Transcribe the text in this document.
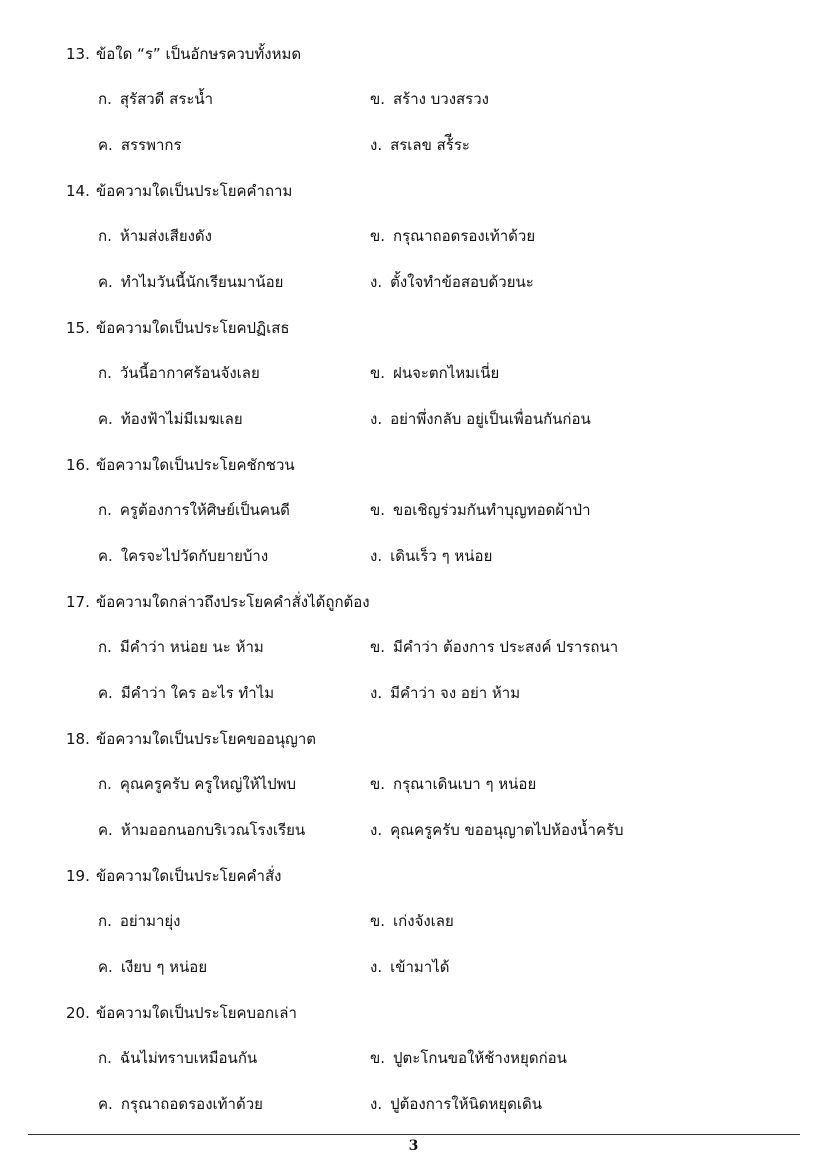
13. ข้อใด “ร” เป็นอักษรควบทั้งหมด
ก. สุรัสวดี สระน้ำ	ข. สร้าง บวงสรวง
ค. สรรพากร	ง. สรเลข สร้ีระ
14. ข้อความใดเป็นประโยคคำถาม
ก. ห้ามส่งเสียงดัง	ข. กรุณาถอดรองเท้าด้วย
ค. ทำไมวันนี้นักเรียนมาน้อย	ง. ตั้งใจทำข้อสอบด้วยนะ
15. ข้อความใดเป็นประโยคปฏิเสธ
ก. วันนี้อากาศร้อนจังเลย	ข. ฝนจะตกไหมเนี่ย
ค. ท้องฟ้าไม่มีเมฆเลย	ง. อย่าพึ่งกลับ อยู่เป็นเพื่อนกันก่อน
16. ข้อความใดเป็นประโยคชักชวน
ก. ครูต้องการให้ศิษย์เป็นคนดี	ข. ขอเชิญร่วมกันทำบุญทอดผ้าป่า
ค. ใครจะไปวัดกับยายบ้าง	ง. เดินเร็ว ๆ หน่อย
17. ข้อความใดกล่าวถึงประโยคคำสั่งได้ถูกต้อง
ก. มีคำว่า หน่อย นะ ห้าม	ข. มีคำว่า ต้องการ ประสงค์ ปรารถนา
ค. มีคำว่า ใคร อะไร ทำไม	ง. มีคำว่า จง อย่า ห้าม
18. ข้อความใดเป็นประโยคขออนุญาต
ก. คุณครูครับ ครูใหญ่ให้ไปพบ	ข. กรุณาเดินเบา ๆ หน่อย
ค. ห้ามออกนอกบริเวณโรงเรียน	ง. คุณครูครับ ขออนุญาตไปห้องน้ำครับ
19. ข้อความใดเป็นประโยคคำสั่ง
ก. อย่ามายุ่ง	ข. เก่งจังเลย
ค. เงียบ ๆ หน่อย	ง. เข้ามาได้
20. ข้อความใดเป็นประโยคบอกเล่า
ก. ฉันไม่ทราบเหมือนกัน	ข. ปูตะโกนขอให้ช้างหยุดก่อน
ค. กรุณาถอดรองเท้าด้วย	ง. ปูต้องการให้นิดหยุดเดิน
3
